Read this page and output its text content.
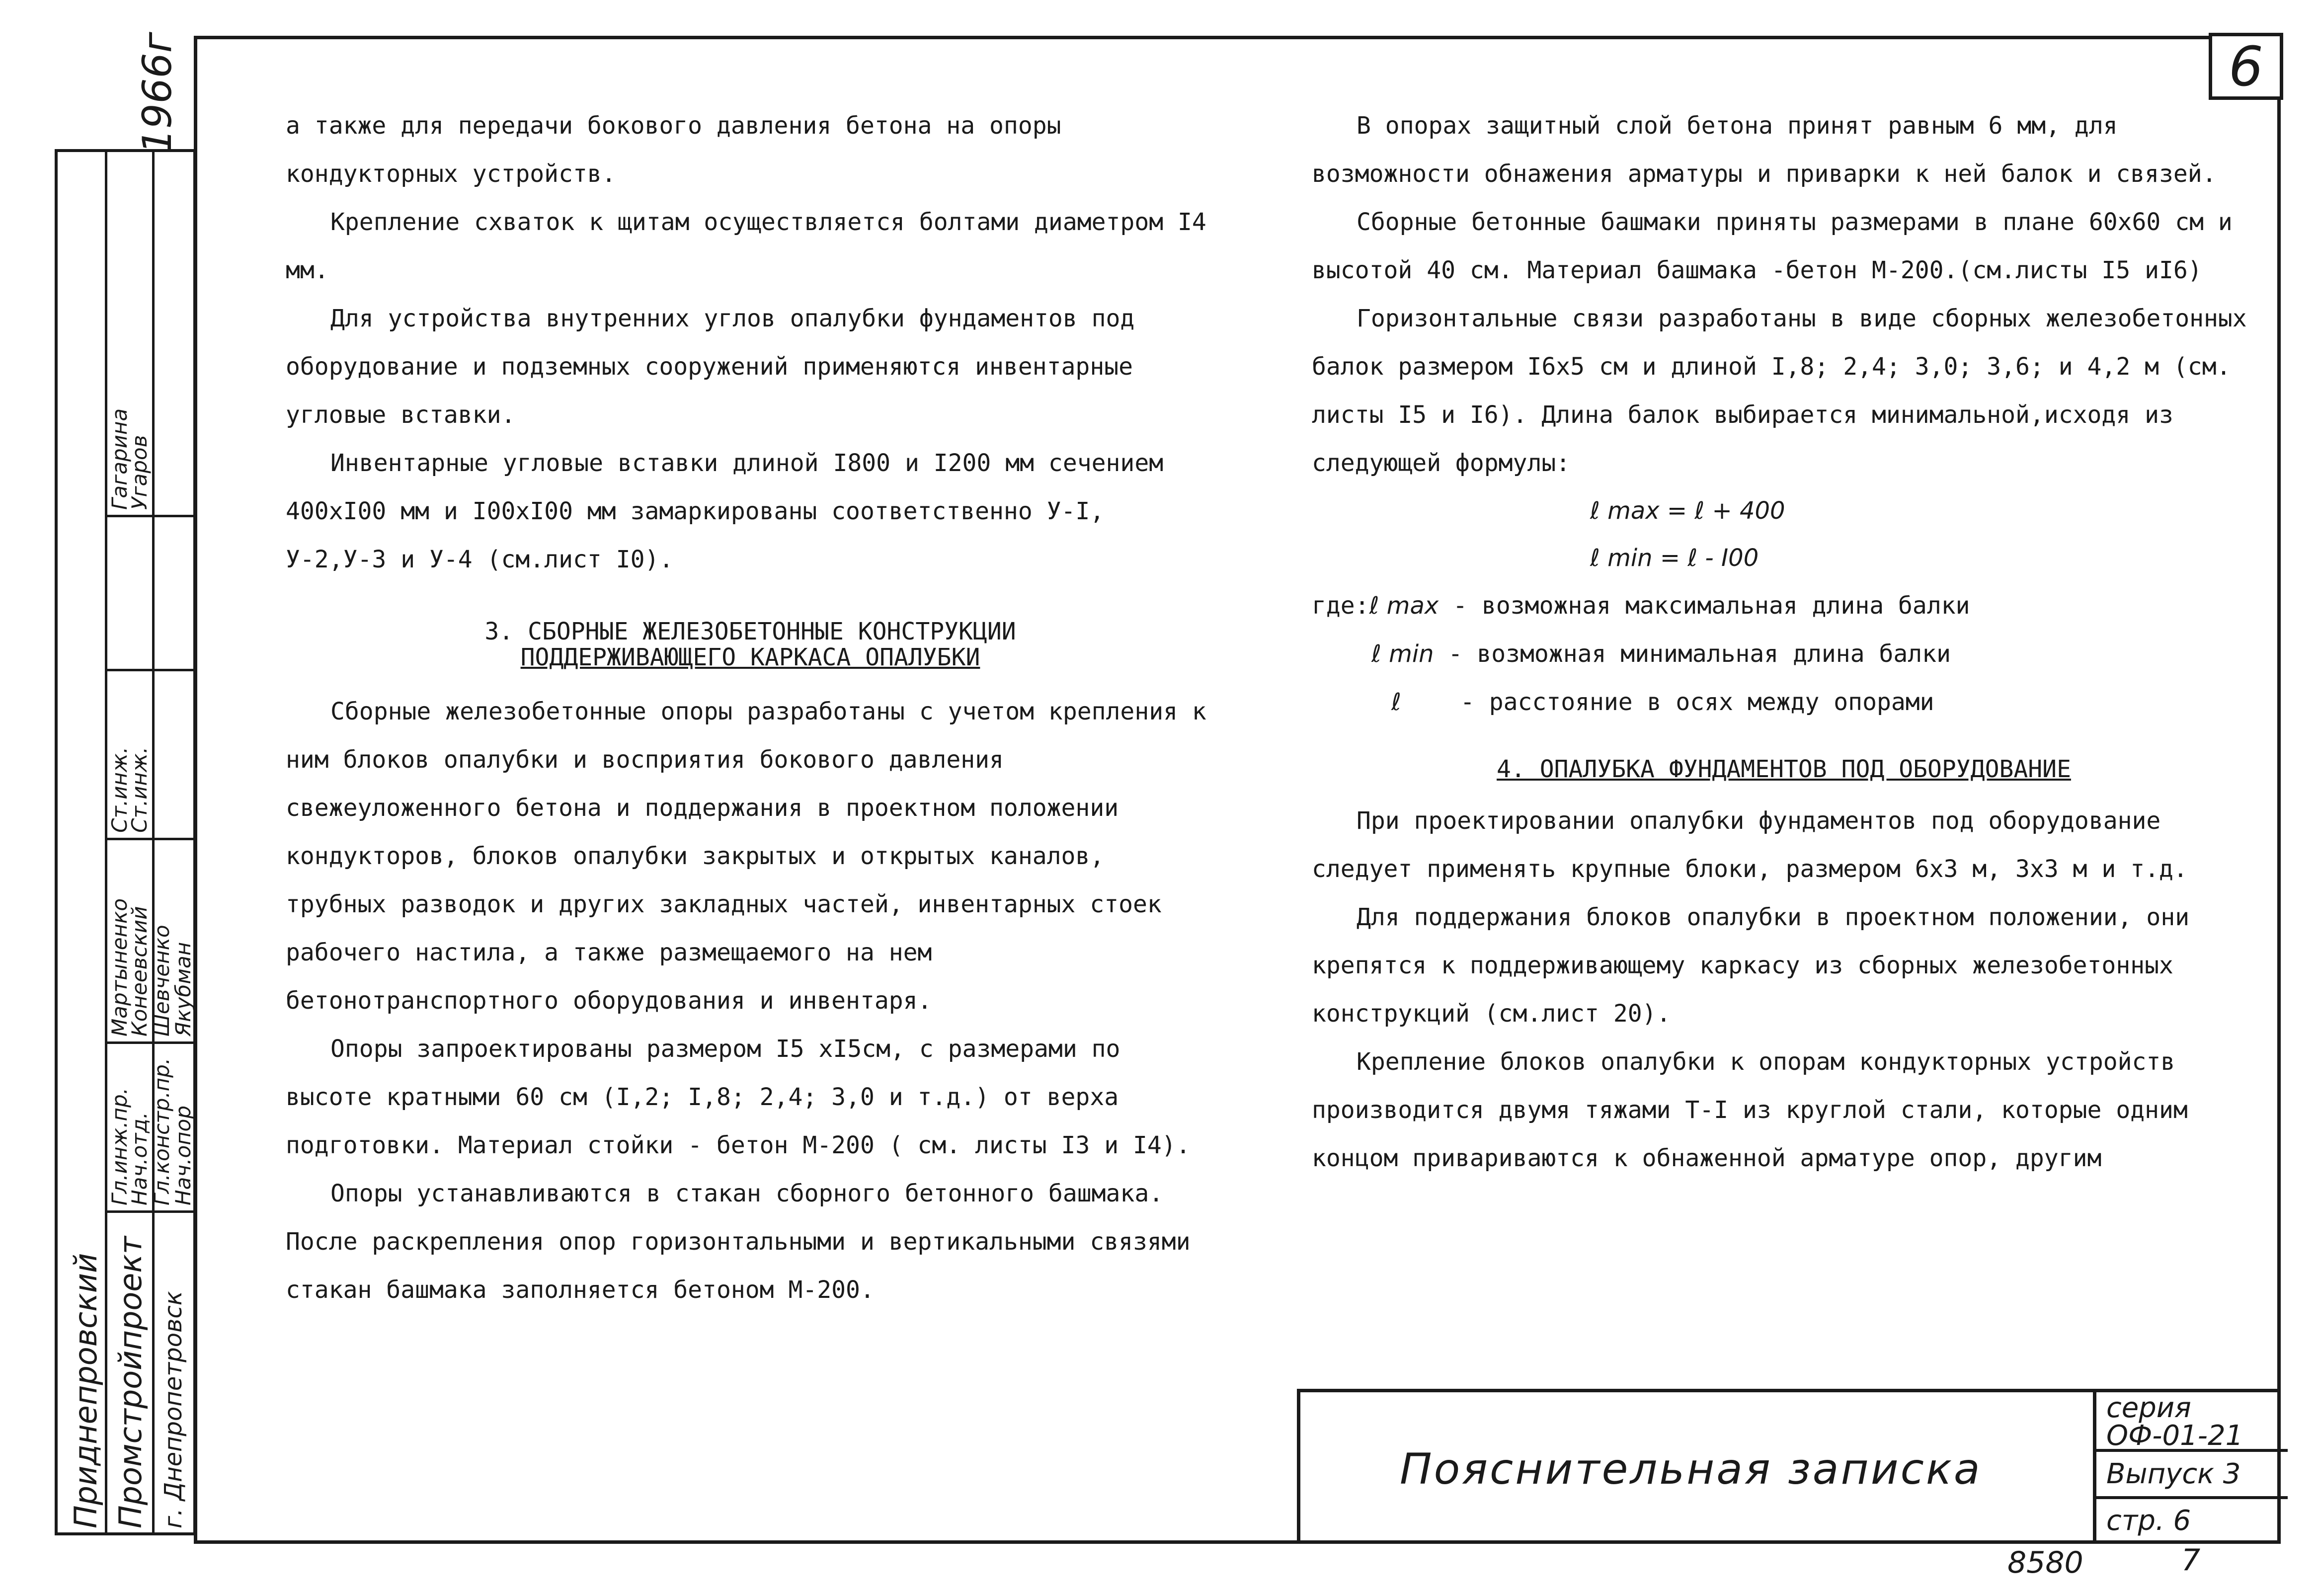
6
1966г
Приднепровский Промстройпроект г. Днепропетровск
Гл.инж.пр.
Мартыненко
Нач.отд.
Конеевский
Гл.констр.пр.
Шевченко
Нач.опор
Якубман
Ст.инж.
Ст.инж.
Гагарина
Угаров

а также для передачи бокового давления бетона на опоры кондукторных устройств.

Крепление схваток к щитам осуществляется болтами диаметром I4 мм.

Для устройства внутренних углов опалубки фундаментов под оборудование и подземных сооружений применяются инвентарные угловые вставки.

Инвентарные угловые вставки длиной I800 и I200 мм сечением 400хI00 мм и I00хI00 мм замаркированы соответственно У-I, У-2,У-3 и У-4 (см.лист I0).

3. СБОРНЫЕ ЖЕЛЕЗОБЕТОННЫЕ КОНСТРУКЦИИ
ПОДДЕРЖИВАЮЩЕГО КАРКАСА ОПАЛУБКИ

Сборные железобетонные опоры разработаны с учетом крепления к ним блоков опалубки и восприятия бокового давления свежеуложенного бетона и поддержания в проектном положении кондукторов, блоков опалубки закрытых и открытых каналов, трубных разводок и других закладных частей, инвентарных стоек рабочего настила, а также размещаемого на нем бетонотранспортного оборудования и инвентаря.

Опоры запроектированы размером I5 хI5см, с размерами по высоте кратными 60 см (I,2; I,8; 2,4; 3,0 и т.д.) от верха подготовки. Материал стойки - бетон М-200 ( см. листы I3 и I4).

Опоры устанавливаются в стакан сборного бетонного башмака. После раскрепления опор горизонтальными и вертикальными связями стакан башмака заполняется бетоном М-200.

В опорах защитный слой бетона принят равным 6 мм, для возможности обнажения арматуры и приварки к ней балок и связей.

Сборные бетонные башмаки приняты размерами в плане 60х60 см и высотой 40 см. Материал башмака -бетон М-200.(см.листы I5 иI6)

Горизонтальные связи разработаны в виде сборных железобетонных балок размером I6х5 см и длиной I,8; 2,4; 3,0; 3,6; и 4,2 м (см. листы I5 и I6). Длина балок выбирается минимальной,исходя из следующей формулы:

ℓ max = ℓ + 400
ℓ min = ℓ - I00
где:ℓ max - возможная максимальная длина балки
ℓ min - возможная минимальная длина балки
ℓ - расстояние в осях между опорами
4. ОПАЛУБКА ФУНДАМЕНТОВ ПОД ОБОРУДОВАНИЕ

При проектировании опалубки фундаментов под оборудование следует применять крупные блоки, размером 6х3 м, 3х3 м и т.д.

Для поддержания блоков опалубки в проектном положении, они крепятся к поддерживающему каркасу из сборных железобетонных конструкций (см.лист 20).

Крепление блоков опалубки к опорам кондукторных устройств производится двумя тяжами Т-I из круглой стали, которые одним концом привариваются к обнаженной арматуре опор, другим

Пояснительная записка
серия
ОФ-01-21
Выпуск 3
стр. 6
8580	7
